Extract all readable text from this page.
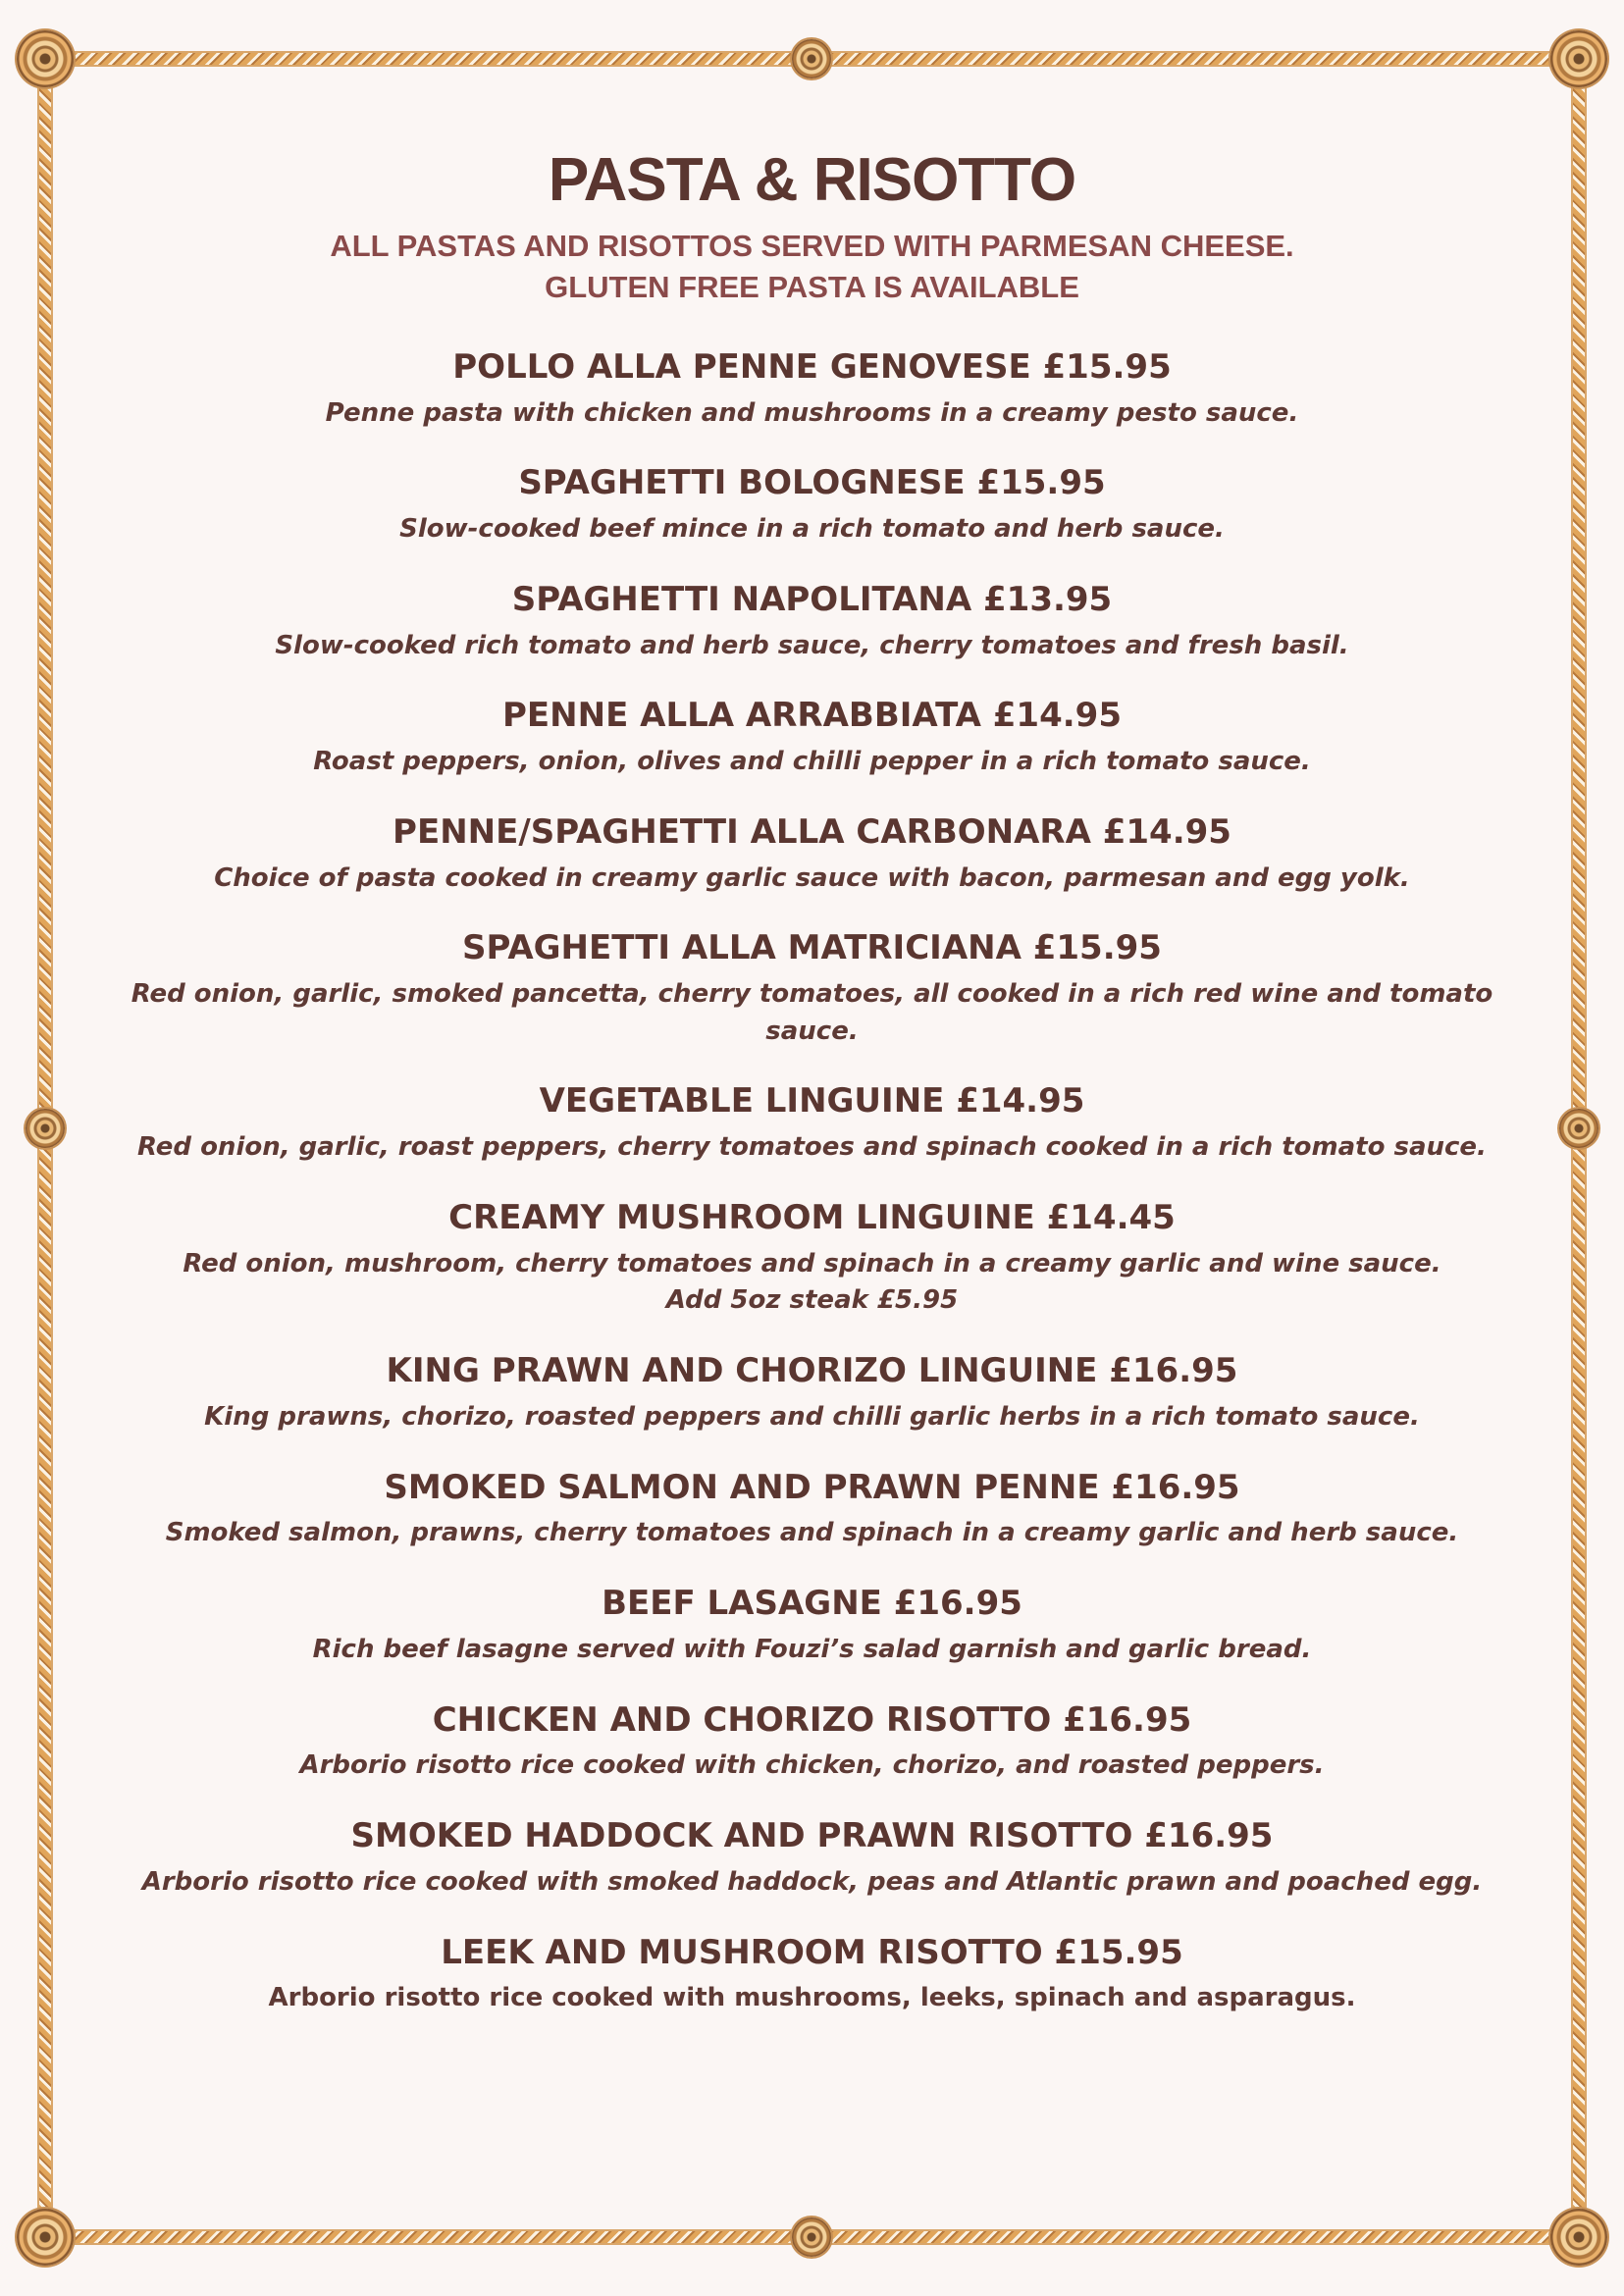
PASTA & RISOTTO

ALL PASTAS AND RISOTTOS SERVED WITH PARMESAN CHEESE.

GLUTEN FREE PASTA IS AVAILABLE

POLLO ALLA PENNE GENOVESE £15.95

Penne pasta with chicken and mushrooms in a creamy pesto sauce.

SPAGHETTI BOLOGNESE £15.95

Slow-cooked beef mince in a rich tomato and herb sauce.

SPAGHETTI NAPOLITANA £13.95

Slow-cooked rich tomato and herb sauce, cherry tomatoes and fresh basil.

PENNE ALLA ARRABBIATA £14.95

Roast peppers, onion, olives and chilli pepper in a rich tomato sauce.

PENNE/SPAGHETTI ALLA CARBONARA £14.95

Choice of pasta cooked in creamy garlic sauce with bacon, parmesan and egg yolk.

SPAGHETTI ALLA MATRICIANA £15.95

Red onion, garlic, smoked pancetta, cherry tomatoes, all cooked in a rich red wine and tomato sauce.

VEGETABLE LINGUINE £14.95

Red onion, garlic, roast peppers, cherry tomatoes and spinach cooked in a rich tomato sauce.

CREAMY MUSHROOM LINGUINE £14.45

Red onion, mushroom, cherry tomatoes and spinach in a creamy garlic and wine sauce.

Add 5oz steak £5.95

KING PRAWN AND CHORIZO LINGUINE £16.95

King prawns, chorizo, roasted peppers and chilli garlic herbs in a rich tomato sauce.

SMOKED SALMON AND PRAWN PENNE £16.95

Smoked salmon, prawns, cherry tomatoes and spinach in a creamy garlic and herb sauce.

BEEF LASAGNE £16.95

Rich beef lasagne served with Fouzi’s salad garnish and garlic bread.

CHICKEN AND CHORIZO RISOTTO £16.95

Arborio risotto rice cooked with chicken, chorizo, and roasted peppers.

SMOKED HADDOCK AND PRAWN RISOTTO £16.95

Arborio risotto rice cooked with smoked haddock, peas and Atlantic prawn and poached egg.

LEEK AND MUSHROOM RISOTTO £15.95

Arborio risotto rice cooked with mushrooms, leeks, spinach and asparagus.
